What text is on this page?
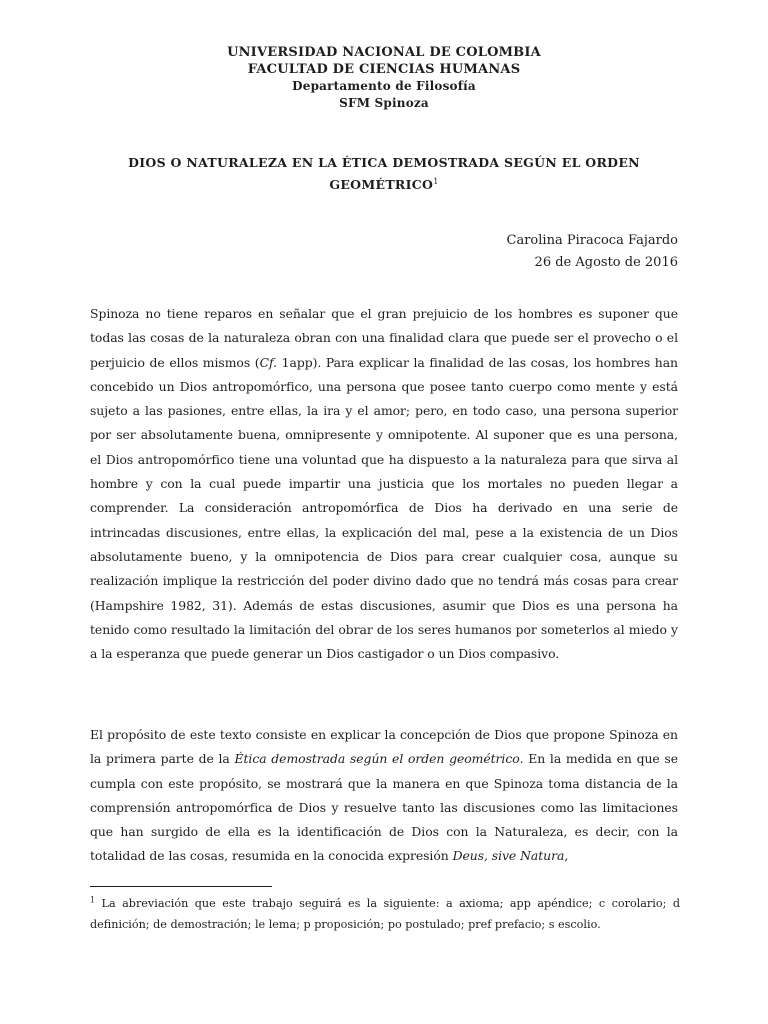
UNIVERSIDAD NACIONAL DE COLOMBIA
FACULTAD DE CIENCIAS HUMANAS
Departamento de Filosofía
SFM Spinoza
DIOS O NATURALEZA EN LA ÉTICA DEMOSTRADA SEGÚN EL ORDEN
GEOMÉTRICO$^1$
Carolina Piracoca Fajardo
26 de Agosto de 2016

Spinoza no tiene reparos en señalar que el gran prejuicio de los hombres es suponer que todas las cosas de la naturaleza obran con una finalidad clara que puede ser el provecho o el perjuicio de ellos mismos (Cf. 1app). Para explicar la finalidad de las cosas, los hombres han concebido un Dios antropomórfico, una persona que posee tanto cuerpo como mente y está sujeto a las pasiones, entre ellas, la ira y el amor; pero, en todo caso, una persona superior por ser absolutamente buena, omnipresente y omnipotente. Al suponer que es una persona, el Dios antropomórfico tiene una voluntad que ha dispuesto a la naturaleza para que sirva al hombre y con la cual puede impartir una justicia que los mortales no pueden llegar a comprender. La consideración antropomórfica de Dios ha derivado en una serie de intrincadas discusiones, entre ellas, la explicación del mal, pese a la existencia de un Dios absolutamente bueno, y la omnipotencia de Dios para crear cualquier cosa, aunque su realización implique la restricción del poder divino dado que no tendrá más cosas para crear (Hampshire 1982, 31). Además de estas discusiones, asumir que Dios es una persona ha tenido como resultado la limitación del obrar de los seres humanos por someterlos al miedo y a la esperanza que puede generar un Dios castigador o un Dios compasivo.

El propósito de este texto consiste en explicar la concepción de Dios que propone Spinoza en la primera parte de la Ética demostrada según el orden geométrico. En la medida en que se cumpla con este propósito, se mostrará que la manera en que Spinoza toma distancia de la comprensión antropomórfica de Dios y resuelve tanto las discusiones como las limitaciones que han surgido de ella es la identificación de Dios con la Naturaleza, es decir, con la totalidad de las cosas, resumida en la conocida expresión Deus, sive Natura,

$^1$ La abreviación que este trabajo seguirá es la siguiente: a axioma; app apéndice; c corolario; d definición; de demostración; le lema; p proposición; po postulado; pref prefacio; s escolio.
